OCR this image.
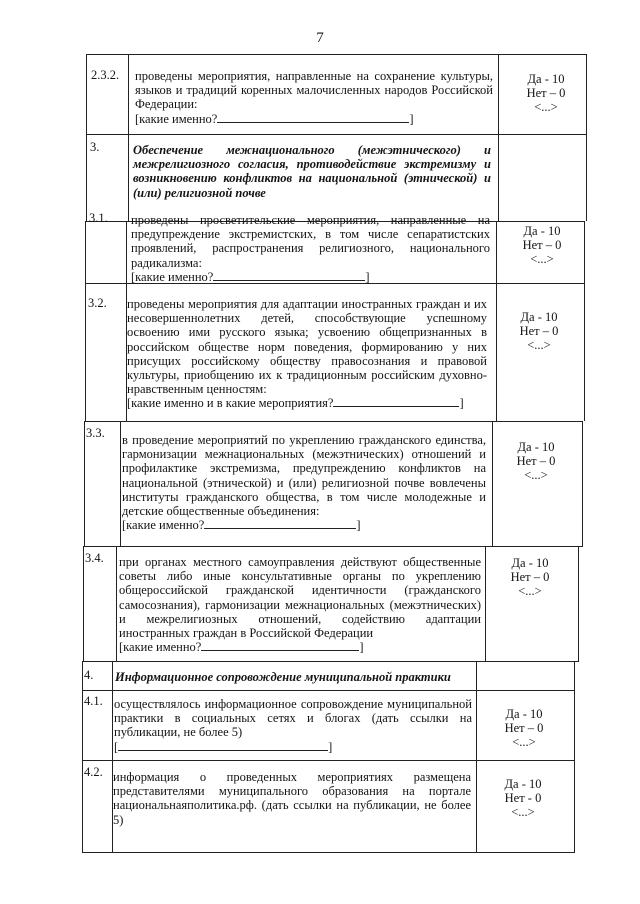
7
2.3.2. проведены мероприятия, направленные на сохранение культуры, языков и традиций коренных малочисленных народов Российской Федерации:
[какие именно?	]
Да - 10
Нет – 0
<...>
3.	Обеспечение межнационального (межэтнического) и межрелигиозного согласия, противодействие экстремизму и возникновению конфликтов на национальной (этнической) и (или) религиозной почве
3.1. проведены просветительские мероприятия, направленные на предупреждение экстремистских, в том числе сепаратистских проявлений, распространения религиозного, национального радикализма:
[какие именно?	]
Да - 10
Нет – 0
<...>
3.2. проведены мероприятия для адаптации иностранных граждан и их несовершеннолетних детей, способствующие успешному освоению ими русского языка; усвоению общепризнанных в российском обществе норм поведения, формированию у них присущих российскому обществу правосознания и правовой культуры, приобщению их к традиционным российским духовно-нравственным ценностям:
[какие именно и в какие мероприятия?	]
Да - 10
Нет – 0
<...>
3.3. в проведение мероприятий по укреплению гражданского единства, гармонизации межнациональных (межэтнических) отношений и профилактике экстремизма, предупреждению конфликтов на национальной (этнической) и (или) религиозной почве вовлечены институты гражданского общества, в том числе молодежные и детские общественные объединения:
[какие именно?	]
Да - 10
Нет – 0
<...>
3.4. при органах местного самоуправления действуют общественные советы либо иные консультативные органы по укреплению общероссийской гражданской идентичности (гражданского самосознания), гармонизации межнациональных (межэтнических) и межрелигиозных отношений, содействию адаптации иностранных граждан в Российской Федерации
[какие именно?	]
Да - 10
Нет – 0
<...>
4. Информационное сопровождение муниципальной практики
4.1. осуществлялось информационное сопровождение муниципальной практики в социальных сетях и блогах (дать ссылки на публикации, не более 5)
[	]
Да - 10
Нет – 0
<...>
4.2. информация о проведенных мероприятиях размещена представителями муниципального образования на портале национальнаяполитика.рф. (дать ссылки на публикации, не более 5)
Да - 10
Нет - 0
<...>
